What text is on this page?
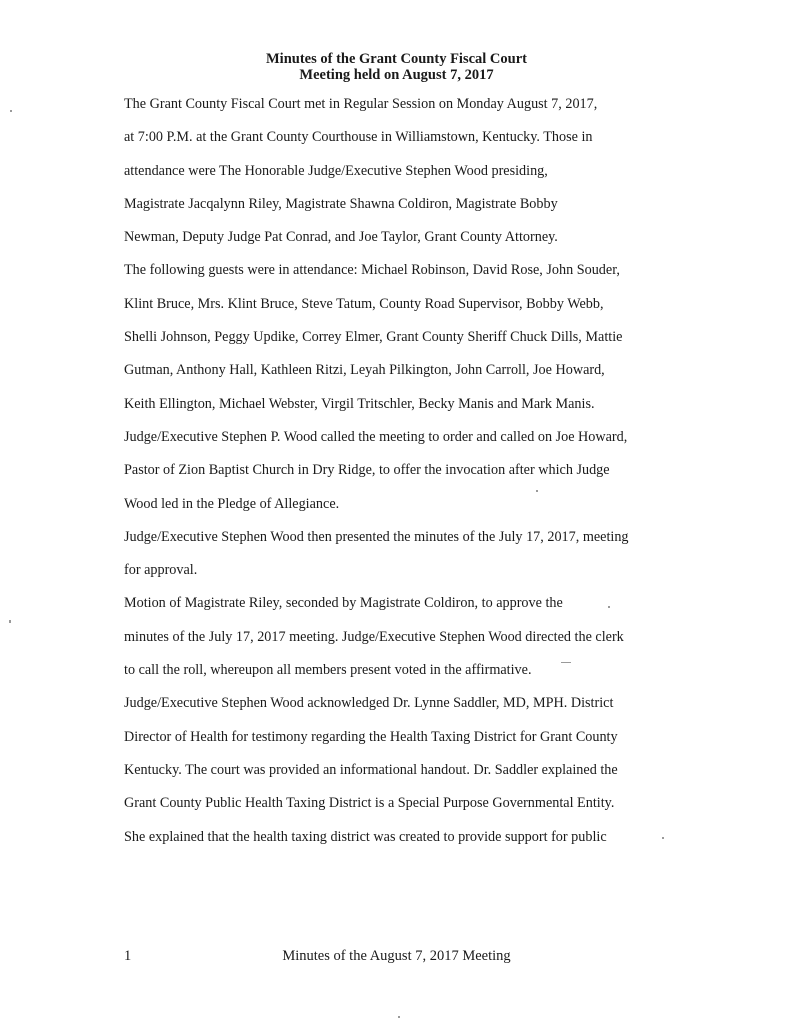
Minutes of the Grant County Fiscal Court
Meeting held on August 7, 2017

The Grant County Fiscal Court met in Regular Session on Monday August 7, 2017,

at 7:00 P.M. at the Grant County Courthouse in Williamstown, Kentucky. Those in

attendance were The Honorable Judge/Executive Stephen Wood presiding,

Magistrate Jacqalynn Riley, Magistrate Shawna Coldiron, Magistrate Bobby

Newman, Deputy Judge Pat Conrad, and Joe Taylor, Grant County Attorney.

The following guests were in attendance: Michael Robinson, David Rose, John Souder,

Klint Bruce, Mrs. Klint Bruce, Steve Tatum, County Road Supervisor, Bobby Webb,

Shelli Johnson, Peggy Updike, Correy Elmer, Grant County Sheriff Chuck Dills, Mattie

Gutman, Anthony Hall, Kathleen Ritzi, Leyah Pilkington, John Carroll, Joe Howard,

Keith Ellington, Michael Webster, Virgil Tritschler, Becky Manis and Mark Manis.

Judge/Executive Stephen P. Wood called the meeting to order and called on Joe Howard,

Pastor of Zion Baptist Church in Dry Ridge, to offer the invocation after which Judge

Wood led in the Pledge of Allegiance.

Judge/Executive Stephen Wood then presented the minutes of the July 17, 2017, meeting

for approval.

Motion of Magistrate Riley, seconded by Magistrate Coldiron, to approve the

minutes of the July 17, 2017 meeting. Judge/Executive Stephen Wood directed the clerk

to call the roll, whereupon all members present voted in the affirmative.

Judge/Executive Stephen Wood acknowledged Dr. Lynne Saddler, MD, MPH. District

Director of Health for testimony regarding the Health Taxing District for Grant County

Kentucky. The court was provided an informational handout. Dr. Saddler explained the

Grant County Public Health Taxing District is a Special Purpose Governmental Entity.

She explained that the health taxing district was created to provide support for public

1	Minutes of the August 7, 2017 Meeting
